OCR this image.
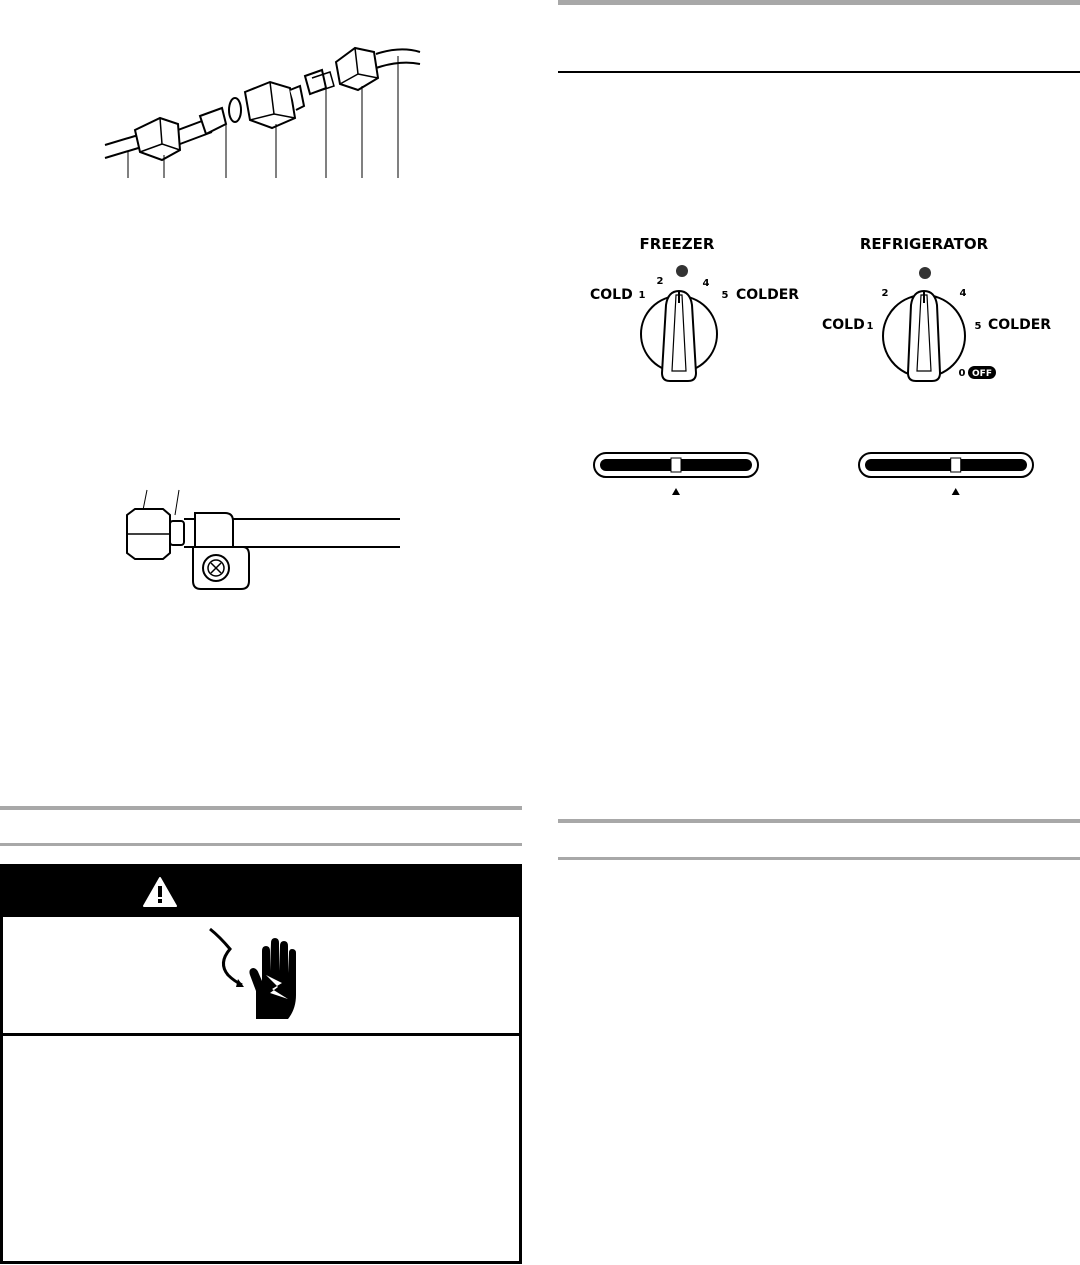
FREEZER
2	4
1	5
COLD	COLDER
REFRIGERATOR
2	4
1	5
COLD	COLDER
0 OFF
